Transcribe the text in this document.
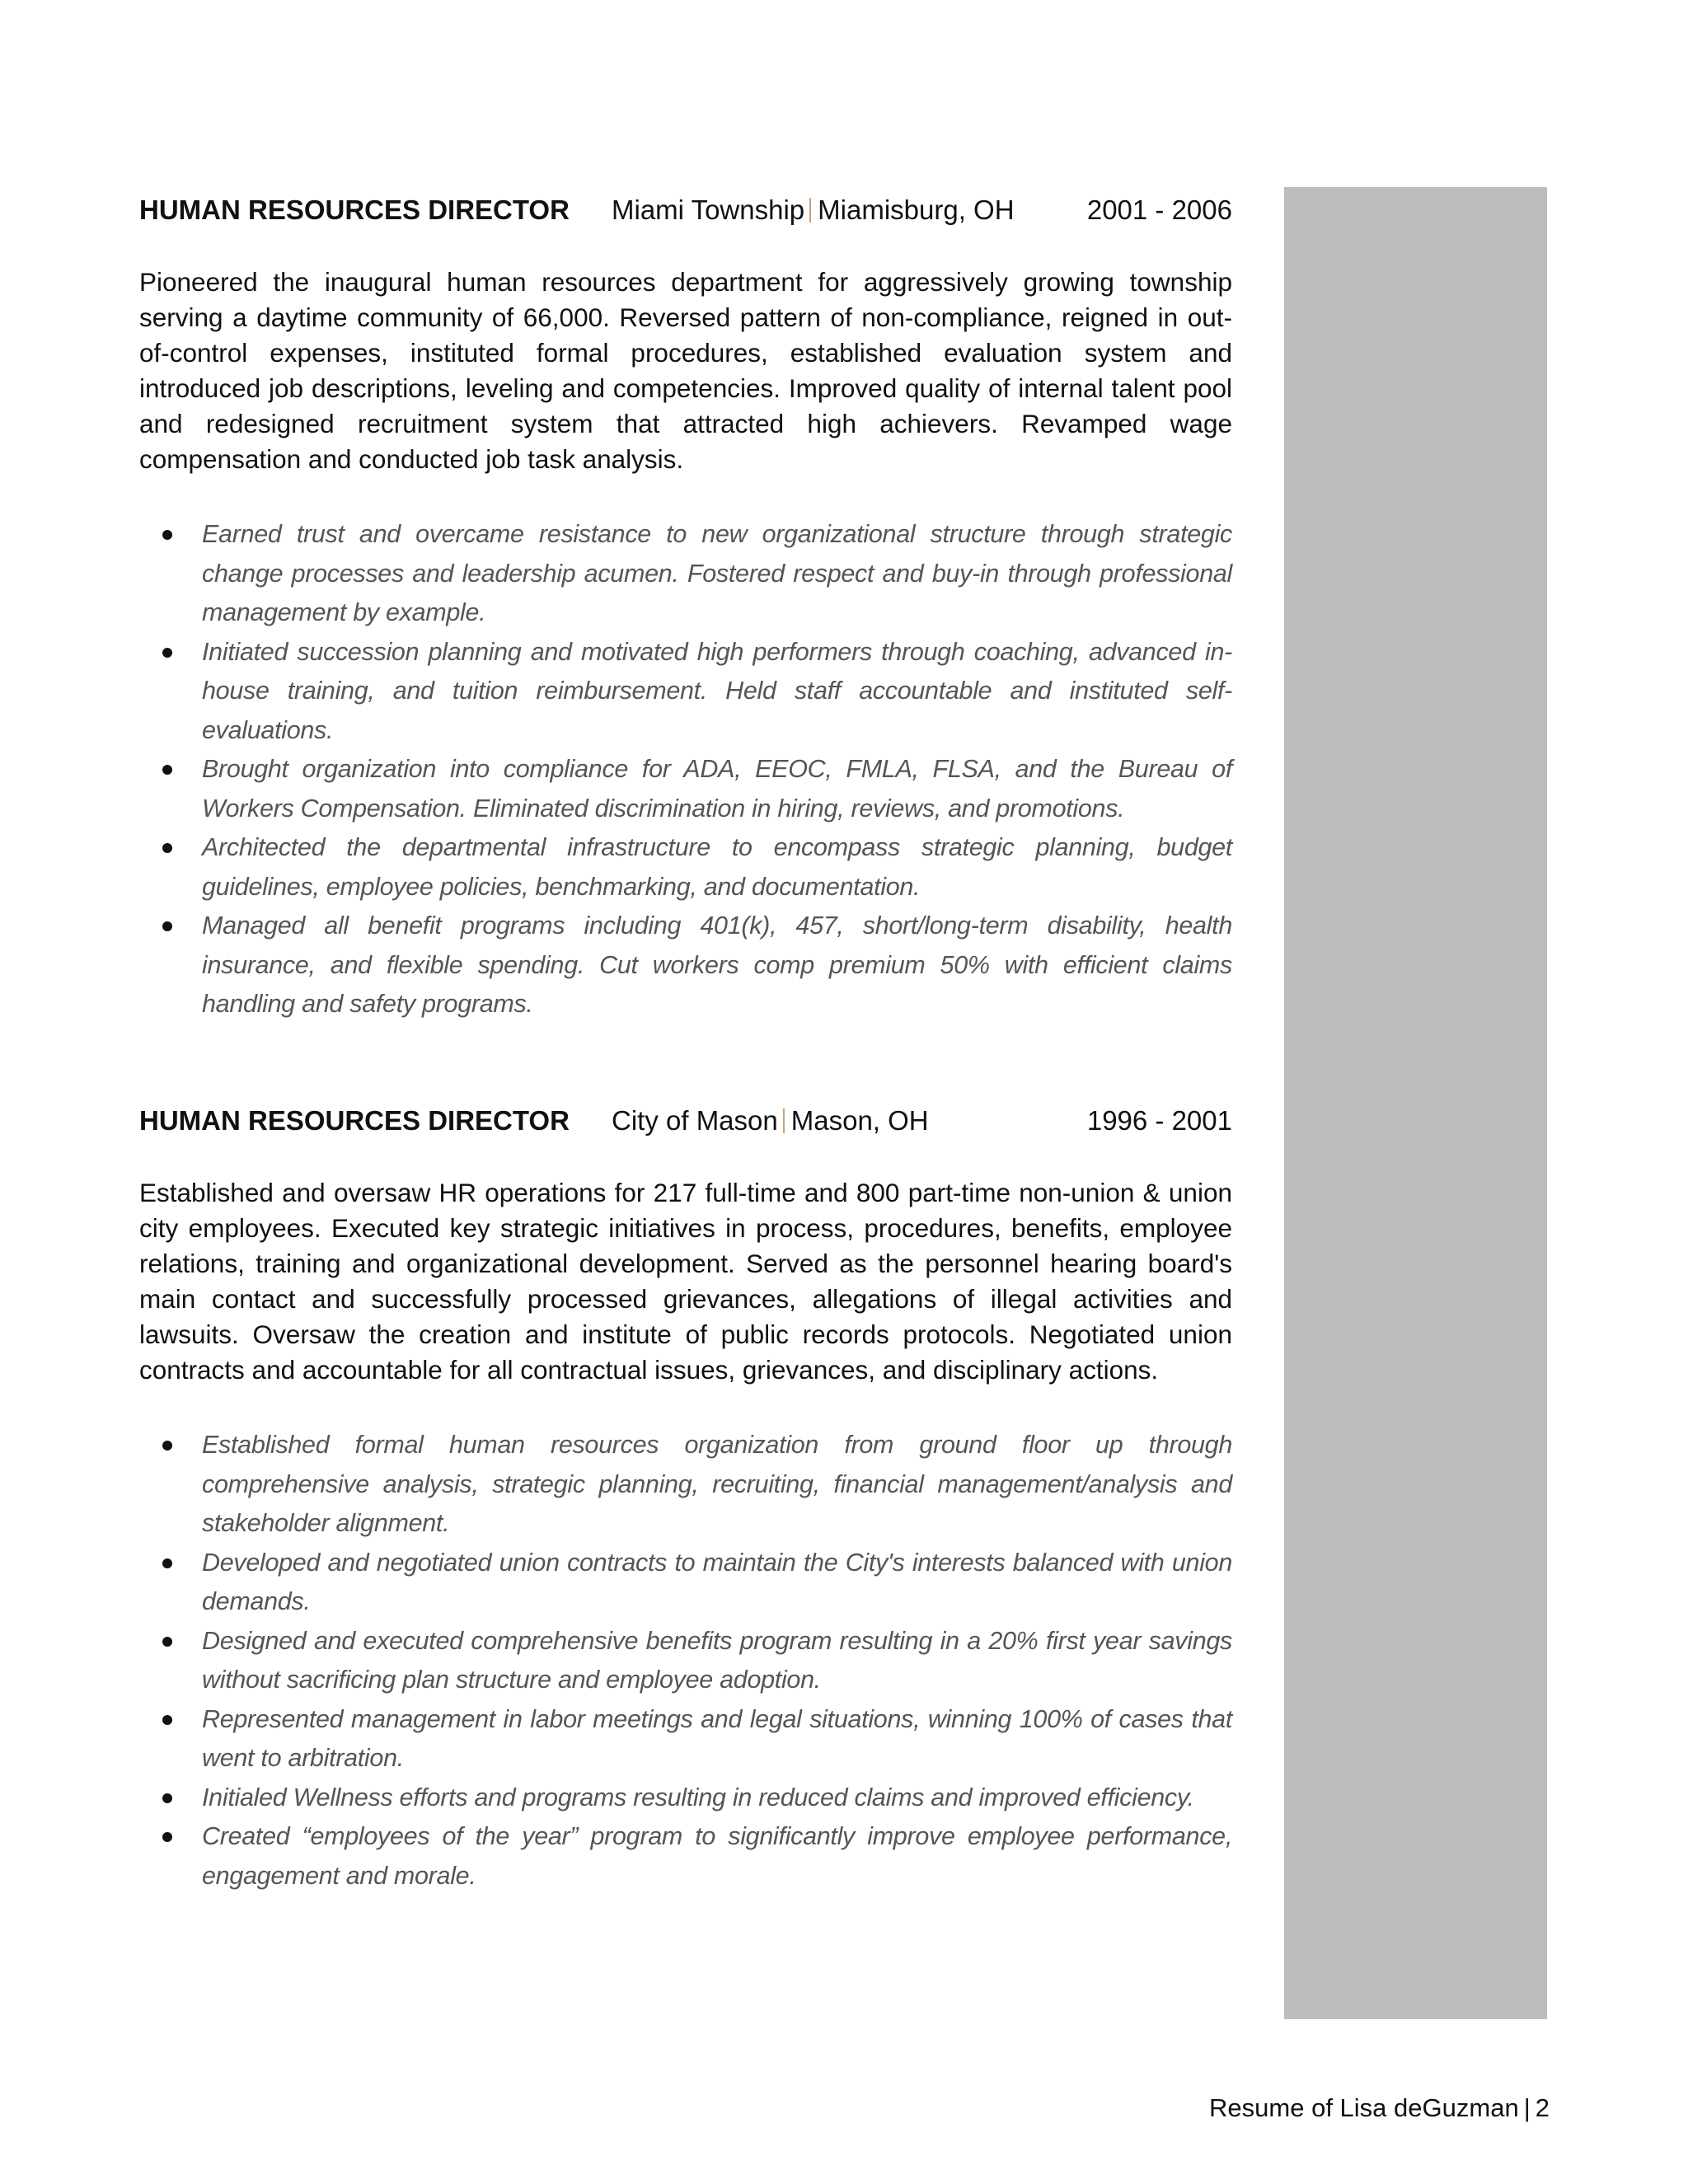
HUMAN RESOURCES DIRECTOR Miami Township Miamisburg, OH	2001 - 2006

Pioneered the inaugural human resources department for aggressively growing township serving a daytime community of 66,000. Reversed pattern of non-compliance, reigned in out-of-control expenses, instituted formal procedures, established evaluation system and introduced job descriptions, leveling and competencies. Improved quality of internal talent pool and redesigned recruitment system that attracted high achievers. Revamped wage compensation and conducted job task analysis.

Earned trust and overcame resistance to new organizational structure through strategic change processes and leadership acumen. Fostered respect and buy-in through professional management by example.
Initiated succession planning and motivated high performers through coaching, advanced in-house training, and tuition reimbursement. Held staff accountable and instituted self-evaluations.
Brought organization into compliance for ADA, EEOC, FMLA, FLSA, and the Bureau of Workers Compensation. Eliminated discrimination in hiring, reviews, and promotions.
Architected the departmental infrastructure to encompass strategic planning, budget guidelines, employee policies, benchmarking, and documentation.
Managed all benefit programs including 401(k), 457, short/long-term disability, health insurance, and flexible spending. Cut workers comp premium 50% with efficient claims handling and safety programs.
HUMAN RESOURCES DIRECTOR City of Mason Mason, OH	1996 - 2001

Established and oversaw HR operations for 217 full-time and 800 part-time non-union & union city employees. Executed key strategic initiatives in process, procedures, benefits, employee relations, training and organizational development. Served as the personnel hearing board's main contact and successfully processed grievances, allegations of illegal activities and lawsuits. Oversaw the creation and institute of public records protocols. Negotiated union contracts and accountable for all contractual issues, grievances, and disciplinary actions.

Established formal human resources organization from ground floor up through comprehensive analysis, strategic planning, recruiting, financial management/analysis and stakeholder alignment.
Developed and negotiated union contracts to maintain the City's interests balanced with union demands.
Designed and executed comprehensive benefits program resulting in a 20% first year savings without sacrificing plan structure and employee adoption.
Represented management in labor meetings and legal situations, winning 100% of cases that went to arbitration.
Initialed Wellness efforts and programs resulting in reduced claims and improved efficiency.
Created “employees of the year” program to significantly improve employee performance, engagement and morale.
Resume of Lisa deGuzman | 2
